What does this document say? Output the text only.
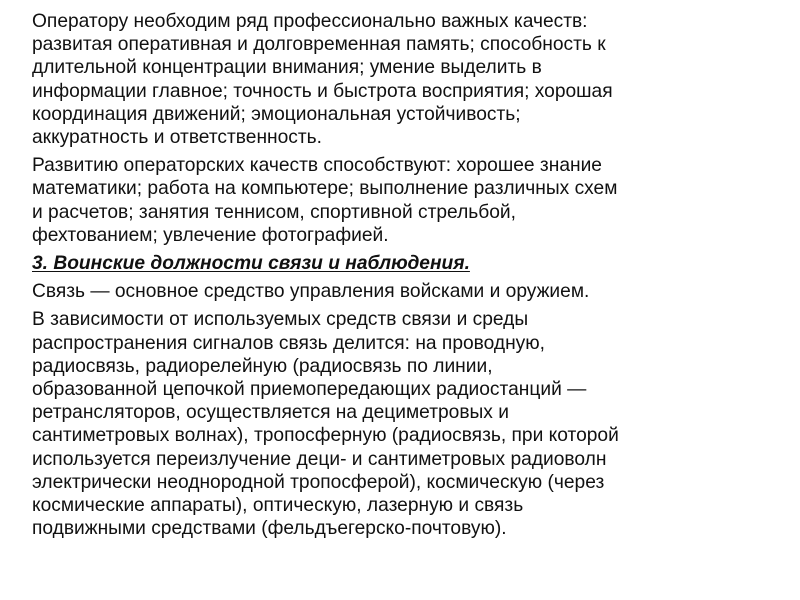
Оператору необходим ряд профессионально важных качеств:
развитая оперативная и долговременная память; способность к
длительной концентрации внимания; умение выделить в
информации главное; точность и быстрота восприятия; хорошая
координация движений; эмоциональная устойчивость;
аккуратность и ответственность.

Развитию операторских качеств способствуют: хорошее знание
математики; работа на компьютере; выполнение различных схем
и расчетов; занятия теннисом, спортивной стрельбой,
фехтованием; увлечение фотографией.

3. Воинские должности связи и наблюдения.

Связь — основное средство управления войсками и оружием.

В зависимости от используемых средств связи и среды
распространения сигналов связь делится: на проводную,
радиосвязь, радиорелейную (радиосвязь по линии,
образованной цепочкой приемопередающих радиостанций —
ретрансляторов, осуществляется на дециметровых и
сантиметровых волнах), тропосферную (радиосвязь, при которой
используется переизлучение деци- и сантиметровых радиоволн
электрически неоднородной тропосферой), космическую (через
космические аппараты), оптическую, лазерную и связь
подвижными средствами (фельдъегерско-почтовую).
